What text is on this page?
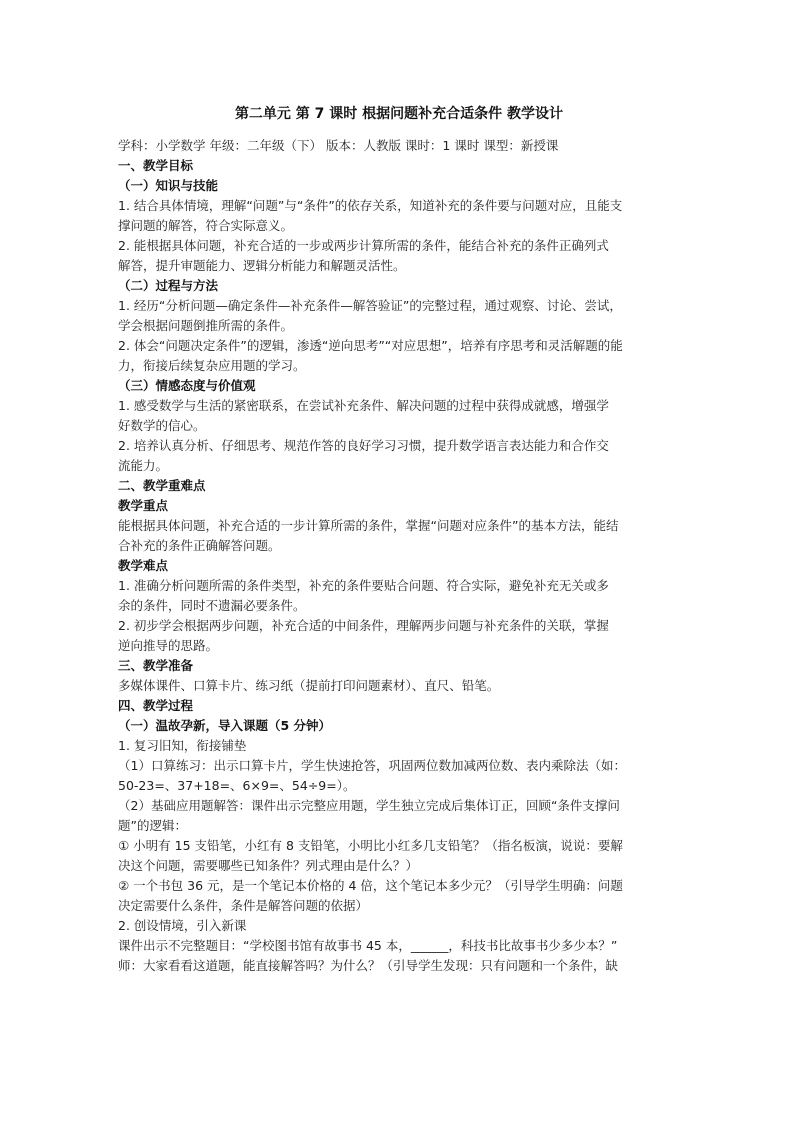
第二单元 第 7 课时 根据问题补充合适条件 教学设计
学科：小学数学 年级：二年级（下） 版本：人教版 课时：1 课时 课型：新授课
一、教学目标
（一）知识与技能
1. 结合具体情境，理解“问题”与“条件”的依存关系，知道补充的条件要与问题对应，且能支
撑问题的解答，符合实际意义。
2. 能根据具体问题，补充合适的一步或两步计算所需的条件，能结合补充的条件正确列式
解答，提升审题能力、逻辑分析能力和解题灵活性。
（二）过程与方法
1. 经历“分析问题—确定条件—补充条件—解答验证”的完整过程，通过观察、讨论、尝试，
学会根据问题倒推所需的条件。
2. 体会“问题决定条件”的逻辑，渗透“逆向思考”“对应思想”，培养有序思考和灵活解题的能
力，衔接后续复杂应用题的学习。
（三）情感态度与价值观
1. 感受数学与生活的紧密联系，在尝试补充条件、解决问题的过程中获得成就感，增强学
好数学的信心。
2. 培养认真分析、仔细思考、规范作答的良好学习习惯，提升数学语言表达能力和合作交
流能力。
二、教学重难点
教学重点
能根据具体问题，补充合适的一步计算所需的条件，掌握“问题对应条件”的基本方法，能结
合补充的条件正确解答问题。
教学难点
1. 准确分析问题所需的条件类型，补充的条件要贴合问题、符合实际，避免补充无关或多
余的条件，同时不遗漏必要条件。
2. 初步学会根据两步问题，补充合适的中间条件，理解两步问题与补充条件的关联，掌握
逆向推导的思路。
三、教学准备
多媒体课件、口算卡片、练习纸（提前打印问题素材）、直尺、铅笔。
四、教学过程
（一）温故孕新，导入课题（5 分钟）
1. 复习旧知，衔接铺垫
（1）口算练习：出示口算卡片，学生快速抢答，巩固两位数加减两位数、表内乘除法（如：
50-23=、37+18=、6×9=、54÷9=）。
（2）基础应用题解答：课件出示完整应用题，学生独立完成后集体订正，回顾“条件支撑问
题”的逻辑：
① 小明有 15 支铅笔，小红有 8 支铅笔，小明比小红多几支铅笔？（指名板演，说说：要解
决这个问题，需要哪些已知条件？列式理由是什么？）
② 一个书包 36 元，是一个笔记本价格的 4 倍，这个笔记本多少元？（引导学生明确：问题
决定需要什么条件，条件是解答问题的依据）
2. 创设情境，引入新课
课件出示不完整题目：“学校图书馆有故事书 45 本，______，科技书比故事书少多少本？”
师：大家看看这道题，能直接解答吗？为什么？（引导学生发现：只有问题和一个条件，缺
